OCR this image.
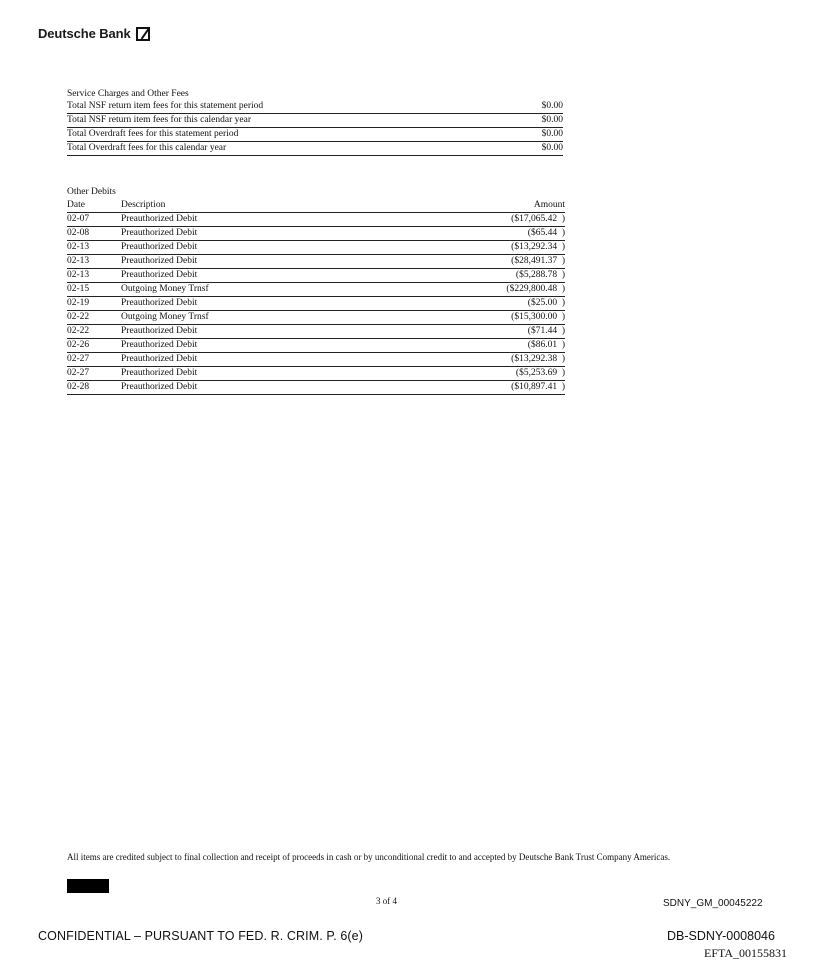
Deutsche Bank
Service Charges and Other Fees
Total NSF return item fees for this statement period	$0.00
Total NSF return item fees for this calendar year	$0.00
Total Overdraft fees for this statement period	$0.00
Total Overdraft fees for this calendar year	$0.00
Other Debits
Date	Description	Amount
02-07	Preauthorized Debit	($17,065.42  )
02-08	Preauthorized Debit	($65.44  )
02-13	Preauthorized Debit	($13,292.34  )
02-13	Preauthorized Debit	($28,491.37  )
02-13	Preauthorized Debit	($5,288.78  )
02-15	Outgoing Money Trnsf	($229,800.48  )
02-19	Preauthorized Debit	($25.00  )
02-22	Outgoing Money Trnsf	($15,300.00  )
02-22	Preauthorized Debit	($71.44  )
02-26	Preauthorized Debit	($86.01  )
02-27	Preauthorized Debit	($13,292.38  )
02-27	Preauthorized Debit	($5,253.69  )
02-28	Preauthorized Debit	($10,897.41  )
All items are credited subject to final collection and receipt of proceeds in cash or by unconditional credit to and accepted by Deutsche Bank Trust Company Americas.
3 of 4	SDNY_GM_00045222
CONFIDENTIAL – PURSUANT TO FED. R. CRIM. P. 6(e)	DB-SDNY-0008046
EFTA_00155831
